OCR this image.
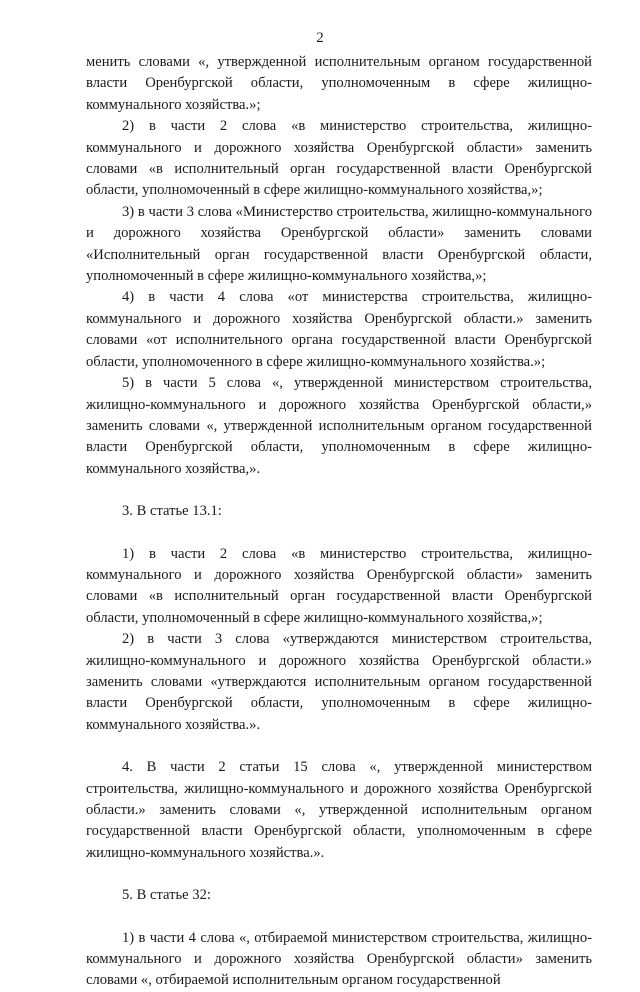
2

менить словами «, утвержденной исполнительным органом государственной власти Оренбургской области, уполномоченным в сфере жилищно-коммунального хозяйства.»;

2) в части 2 слова «в министерство строительства, жилищно-коммунального и дорожного хозяйства Оренбургской области» заменить словами «в исполнительный орган государственной власти Оренбургской области, уполномоченный в сфере жилищно-коммунального хозяйства,»;

3) в части 3 слова «Министерство строительства, жилищно-коммунального и дорожного хозяйства Оренбургской области» заменить словами «Исполнительный орган государственной власти Оренбургской области, уполномоченный в сфере жилищно-коммунального хозяйства,»;

4) в части 4 слова «от министерства строительства, жилищно-коммунального и дорожного хозяйства Оренбургской области.» заменить словами «от исполнительного органа государственной власти Оренбургской области, уполномоченного в сфере жилищно-коммунального хозяйства.»;

5) в части 5 слова «, утвержденной министерством строительства, жилищно-коммунального и дорожного хозяйства Оренбургской области,» заменить словами «, утвержденной исполнительным органом государственной власти Оренбургской области, уполномоченным в сфере жилищно-коммунального хозяйства,».

3. В статье 13.1:

1) в части 2 слова «в министерство строительства, жилищно-коммунального и дорожного хозяйства Оренбургской области» заменить словами «в исполнительный орган государственной власти Оренбургской области, уполномоченный в сфере жилищно-коммунального хозяйства,»;

2) в части 3 слова «утверждаются министерством строительства, жилищно-коммунального и дорожного хозяйства Оренбургской области.» заменить словами «утверждаются исполнительным органом государственной власти Оренбургской области, уполномоченным в сфере жилищно-коммунального хозяйства.».

4. В части 2 статьи 15 слова «, утвержденной министерством строительства, жилищно-коммунального и дорожного хозяйства Оренбургской области.» заменить словами «, утвержденной исполнительным органом государственной власти Оренбургской области, уполномоченным в сфере жилищно-коммунального хозяйства.».

5. В статье 32:

1) в части 4 слова «, отбираемой министерством строительства, жилищно-коммунального и дорожного хозяйства Оренбургской области» заменить словами «, отбираемой исполнительным органом государственной
